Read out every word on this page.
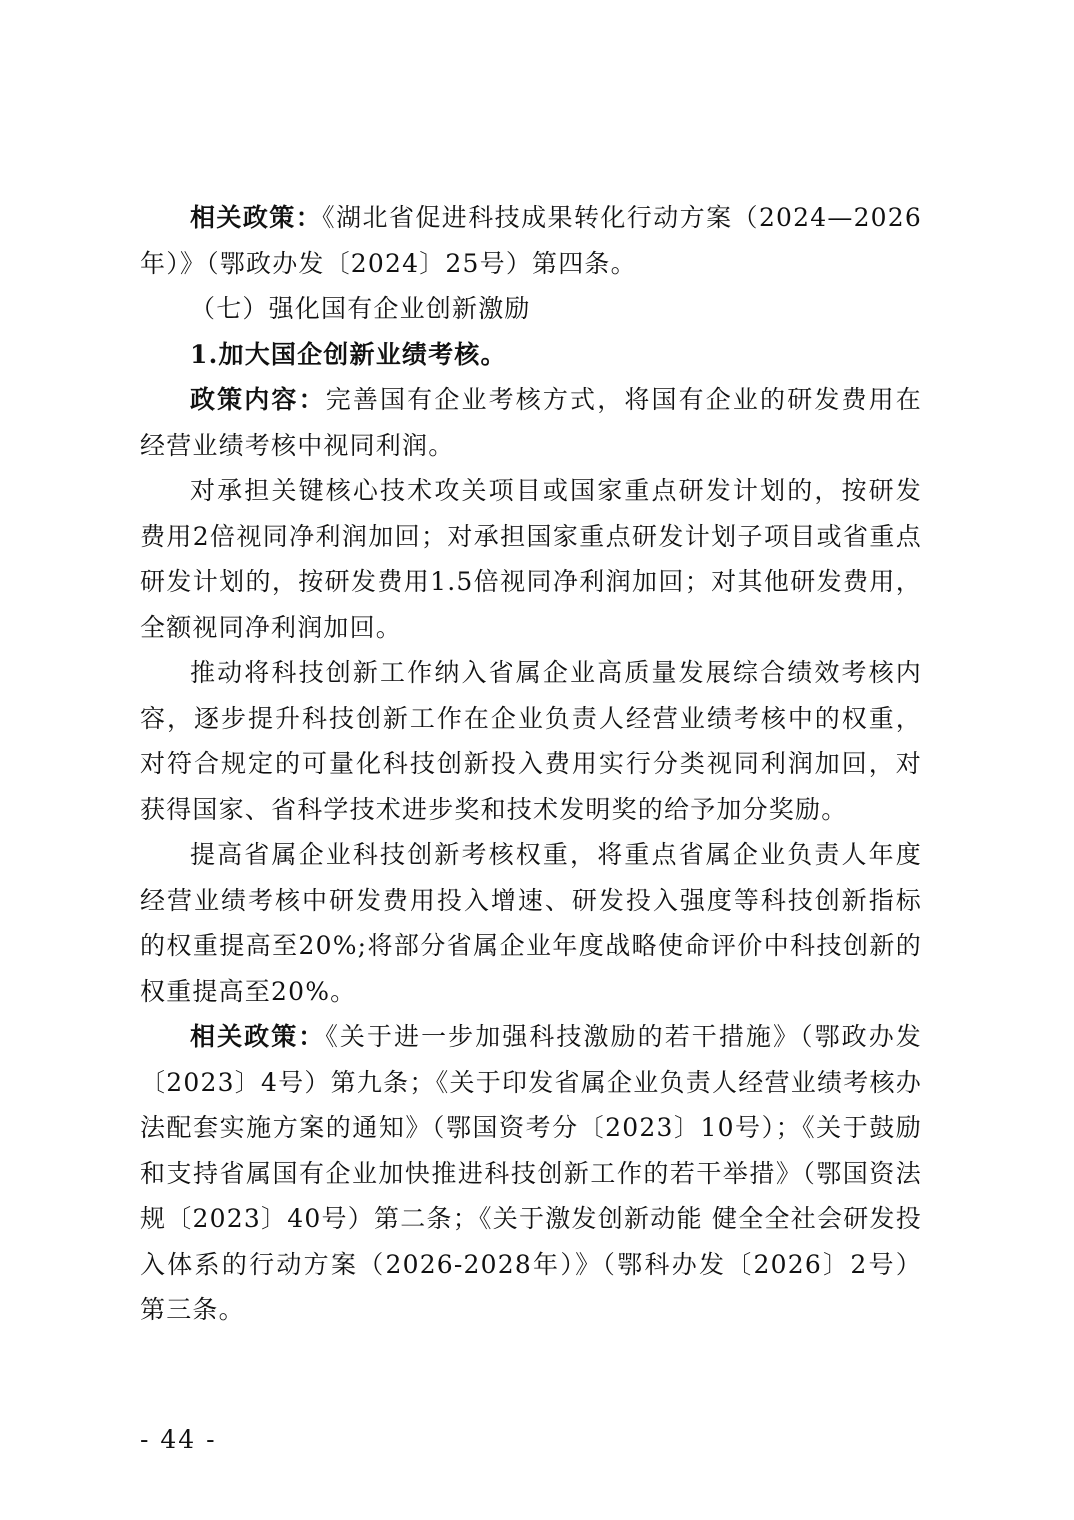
相关政策：《湖北省促进科技成果转化行动方案（2024—2026年）》（鄂政办发〔2024〕25号）第四条。

（七）强化国有企业创新激励

1.加大国企创新业绩考核。

政策内容：完善国有企业考核方式，将国有企业的研发费用在经营业绩考核中视同利润。

对承担关键核心技术攻关项目或国家重点研发计划的，按研发费用2倍视同净利润加回；对承担国家重点研发计划子项目或省重点研发计划的，按研发费用1.5倍视同净利润加回；对其他研发费用，全额视同净利润加回。

推动将科技创新工作纳入省属企业高质量发展综合绩效考核内容，逐步提升科技创新工作在企业负责人经营业绩考核中的权重，对符合规定的可量化科技创新投入费用实行分类视同利润加回，对获得国家、省科学技术进步奖和技术发明奖的给予加分奖励。

提高省属企业科技创新考核权重，将重点省属企业负责人年度经营业绩考核中研发费用投入增速、研发投入强度等科技创新指标的权重提高至20%;将部分省属企业年度战略使命评价中科技创新的权重提高至20%。

相关政策：《关于进一步加强科技激励的若干措施》（鄂政办发〔2023〕4号）第九条；《关于印发省属企业负责人经营业绩考核办法配套实施方案的通知》（鄂国资考分〔2023〕10号）；《关于鼓励和支持省属国有企业加快推进科技创新工作的若干举措》（鄂国资法规〔2023〕40号）第二条；《关于激发创新动能 健全全社会研发投入体系的行动方案（2026-2028年）》（鄂科办发〔2026〕2号）第三条。

- 44 -
